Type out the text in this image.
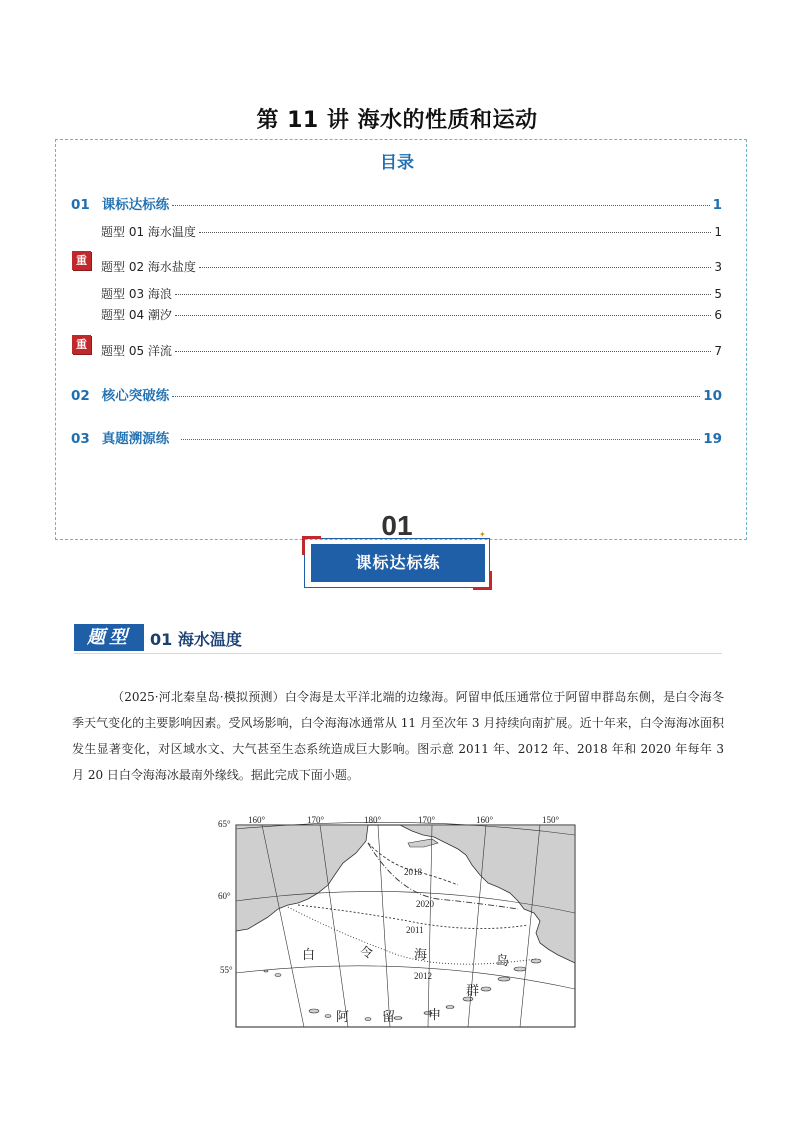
第 11 讲 海水的性质和运动
目录
01 课标达标练	1
题型 01 海水温度	1
重	题型 02 海水盐度	3
题型 03 海浪	5
题型 04 潮汐	6
重	题型 05 洋流	7
02 核心突破练	10
03 真题溯源练	19
01
课标达标练
✦
题型	01 海水温度
（2025·河北秦皇岛·模拟预测）白令海是太平洋北端的边缘海。阿留申低压通常位于阿留申群岛东侧，是白令海冬季天气变化的主要影响因素。受风场影响，白令海海冰通常从 11 月至次年 3 月持续向南扩展。近十年来，白令海海冰面积发生显著变化，对区域水文、大气甚至生态系统造成巨大影响。图示意 2011 年、2012 年、2018 年和 2020 年每年 3 月 20 日白令海海冰最南外缘线。据此完成下面小题。
2018
2020
2011
2012
160°	170°	180°	170°	160°	150°
65°
60°
55°
白	令	海	岛
群
申
留
阿
